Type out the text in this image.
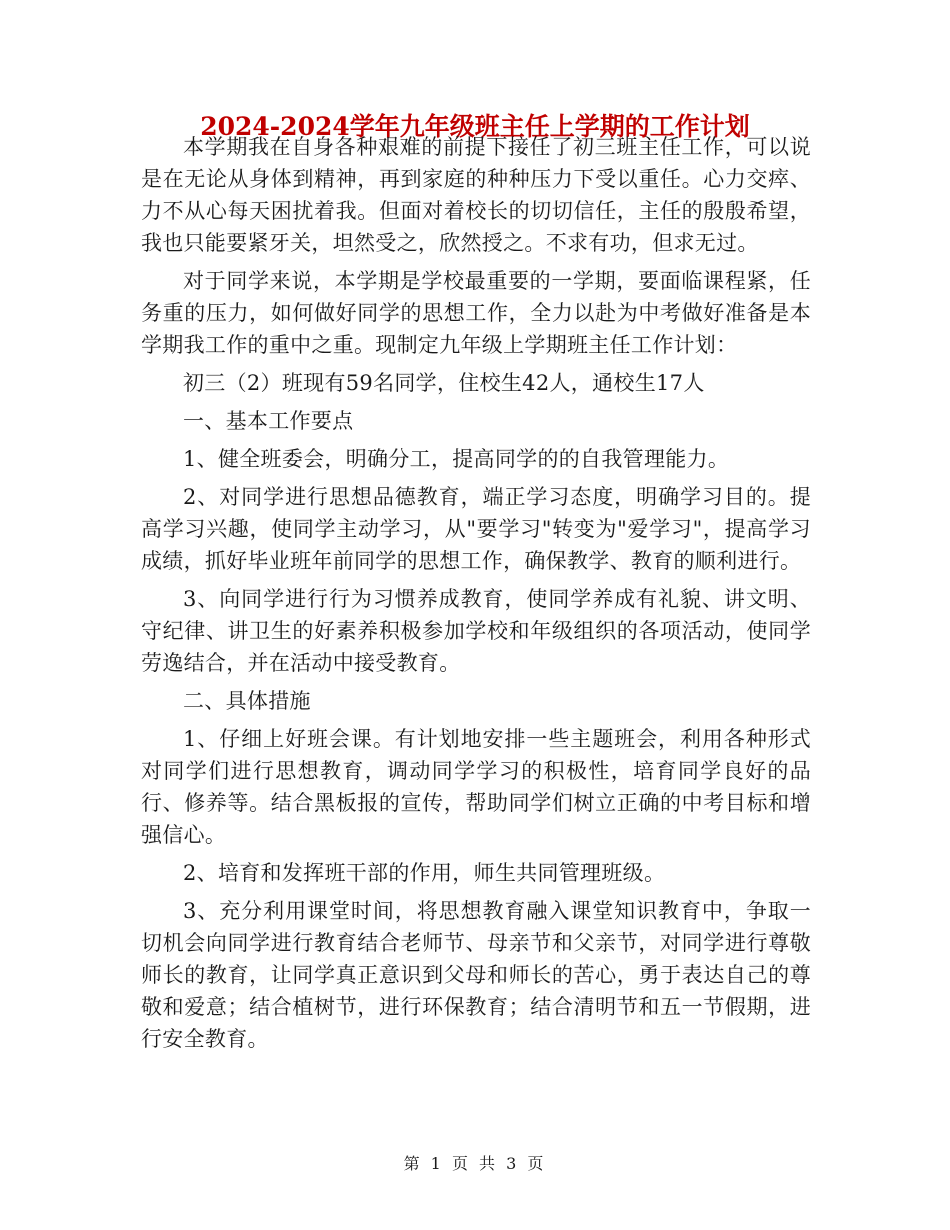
2024-2024学年九年级班主任上学期的工作计划

本学期我在自身各种艰难的前提下接任了初三班主任工作，可以说是在无论从身体到精神，再到家庭的种种压力下受以重任。心力交瘁、力不从心每天困扰着我。但面对着校长的切切信任，主任的殷殷希望，我也只能要紧牙关，坦然受之，欣然授之。不求有功，但求无过。

对于同学来说，本学期是学校最重要的一学期，要面临课程紧，任务重的压力，如何做好同学的思想工作，全力以赴为中考做好准备是本学期我工作的重中之重。现制定九年级上学期班主任工作计划：

初三（2）班现有59名同学，住校生42人，通校生17人

一、基本工作要点

1、健全班委会，明确分工，提高同学的的自我管理能力。

2、对同学进行思想品德教育，端正学习态度，明确学习目的。提高学习兴趣，使同学主动学习，从"要学习"转变为"爱学习"，提高学习成绩，抓好毕业班年前同学的思想工作，确保教学、教育的顺利进行。

3、向同学进行行为习惯养成教育，使同学养成有礼貌、讲文明、守纪律、讲卫生的好素养积极参加学校和年级组织的各项活动，使同学劳逸结合，并在活动中接受教育。

二、具体措施

1、仔细上好班会课。有计划地安排一些主题班会，利用各种形式对同学们进行思想教育，调动同学学习的积极性，培育同学良好的品行、修养等。结合黑板报的宣传，帮助同学们树立正确的中考目标和增强信心。

2、培育和发挥班干部的作用，师生共同管理班级。

3、充分利用课堂时间，将思想教育融入课堂知识教育中，争取一切机会向同学进行教育结合老师节、母亲节和父亲节，对同学进行尊敬师长的教育，让同学真正意识到父母和师长的苦心，勇于表达自己的尊敬和爱意；结合植树节，进行环保教育；结合清明节和五一节假期，进行安全教育。

第 1 页 共 3 页
